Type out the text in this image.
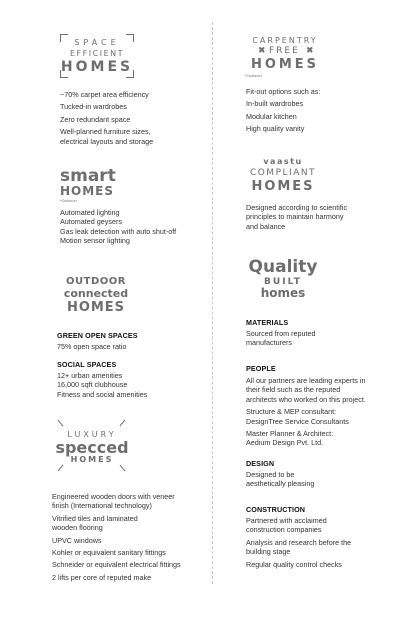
SPACE
EFFICIENT
HOMES
~70% carpet area efficiency
Tucked-in wardrobes
Zero redundant space
Well-planned furniture sizes,
electrical layouts and storage
smart
HOMES
*Optional
Automated lighting
Automated geysers
Gas leak detection with auto shut-off
Motion sensor lighting
OUTDOOR
connected
HOMES
GREEN OPEN SPACES
75% open space ratio
SOCIAL SPACES
12+ urban amenities
16,000 sqft clubhouse
Fitness and social amenities
LUXURY
specced
HOMES
Engineered wooden doors with veneer
finish (International technology)
Vitrified tiles and laminated
wooden flooring
UPVC windows
Kohler or equivalent sanitary fittings
Schneider or equivalent electrical fittings
2 lifts per core of reputed make
CARPENTRY
✖ FREE ✖
HOMES
*Optional
Fit-out options such as:
In-built wardrobes
Modular kitchen
High quality vanity
vaastu
COMPLIANT
HOMES
Designed according to scientific
principles to maintain harmony
and balance
Quality
BUILT
homes
MATERIALS
Sourced from reputed
manufacturers
PEOPLE
All our partners are leading experts in
their field such as the reputed
architects who worked on this project.
Structure & MEP consultant:
DesignTree Service Consultants
Master Planner & Architect:
Aedium Design Pvt. Ltd.
DESIGN
Designed to be
aesthetically pleasing
CONSTRUCTION
Partnered with acclaimed
construction companies
Analysis and research before the
building stage
Regular quality control checks
